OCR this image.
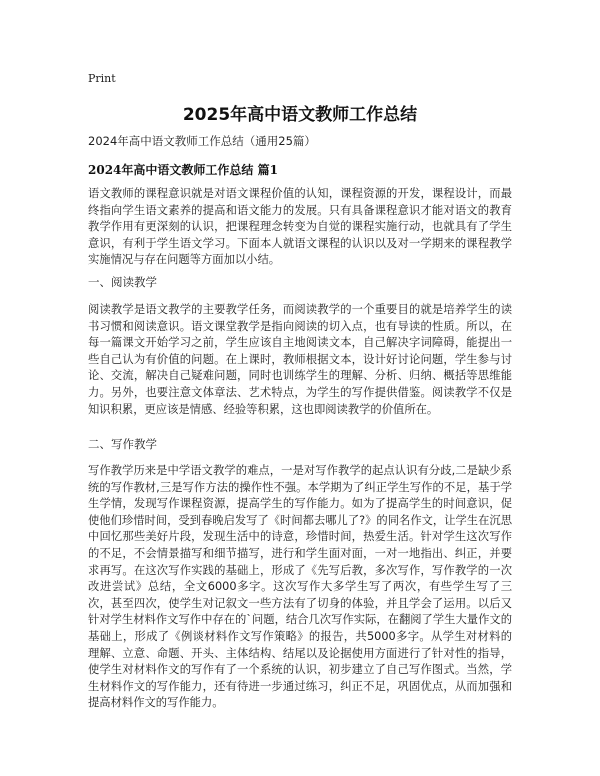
Print
2025年高中语文教师工作总结
2024年高中语文教师工作总结（通用25篇）
2024年高中语文教师工作总结 篇1
语文教师的课程意识就是对语文课程价值的认知，课程资源的开发，课程设计，而最终指向学生语文素养的提高和语文能力的发展。只有具备课程意识才能对语文的教育教学作用有更深刻的认识，把课程理念转变为自觉的课程实施行动，也就具有了学生意识，有利于学生语文学习。下面本人就语文课程的认识以及对一学期来的课程教学实施情况与存在问题等方面加以小结。
一、阅读教学
阅读教学是语文教学的主要教学任务，而阅读教学的一个重要目的就是培养学生的读书习惯和阅读意识。语文课堂教学是指向阅读的切入点，也有导读的性质。所以，在每一篇课文开始学习之前，学生应该自主地阅读文本，自己解决字词障碍，能提出一些自己认为有价值的问题。在上课时，教师根据文本，设计好讨论问题，学生参与讨论、交流，解决自己疑难问题，同时也训练学生的理解、分析、归纳、概括等思维能力。另外，也要注意文体章法、艺术特点，为学生的写作提供借鉴。阅读教学不仅是知识积累，更应该是情感、经验等积累，这也即阅读教学的价值所在。
二、写作教学
写作教学历来是中学语文教学的难点，一是对写作教学的起点认识有分歧,二是缺少系统的写作教材,三是写作方法的操作性不强。本学期为了纠正学生写作的不足，基于学生学情，发现写作课程资源，提高学生的写作能力。如为了提高学生的时间意识，促使他们珍惜时间，受到春晚启发写了《时间都去哪儿了?》的同名作文，让学生在沉思中回忆那些美好片段，发现生活中的诗意，珍惜时间，热爱生活。针对学生这次写作的不足，不会情景描写和细节描写，进行和学生面对面，一对一地指出、纠正，并要求再写。在这次写作实践的基础上，形成了《先写后教，多次写作，写作教学的一次改进尝试》总结，全文6000多字。这次写作大多学生写了两次，有些学生写了三次，甚至四次，使学生对记叙文一些方法有了切身的体验，并且学会了运用。以后又针对学生材料作文写作中存在的`问题，结合几次写作实际，在翻阅了学生大量作文的基础上，形成了《例谈材料作文写作策略》的报告，共5000多字。从学生对材料的理解、立意、命题、开头、主体结构、结尾以及论据使用方面进行了针对性的指导，使学生对材料作文的写作有了一个系统的认识，初步建立了自己写作图式。当然，学生材料作文的写作能力，还有待进一步通过练习，纠正不足，巩固优点，从而加强和提高材料作文的写作能力。
